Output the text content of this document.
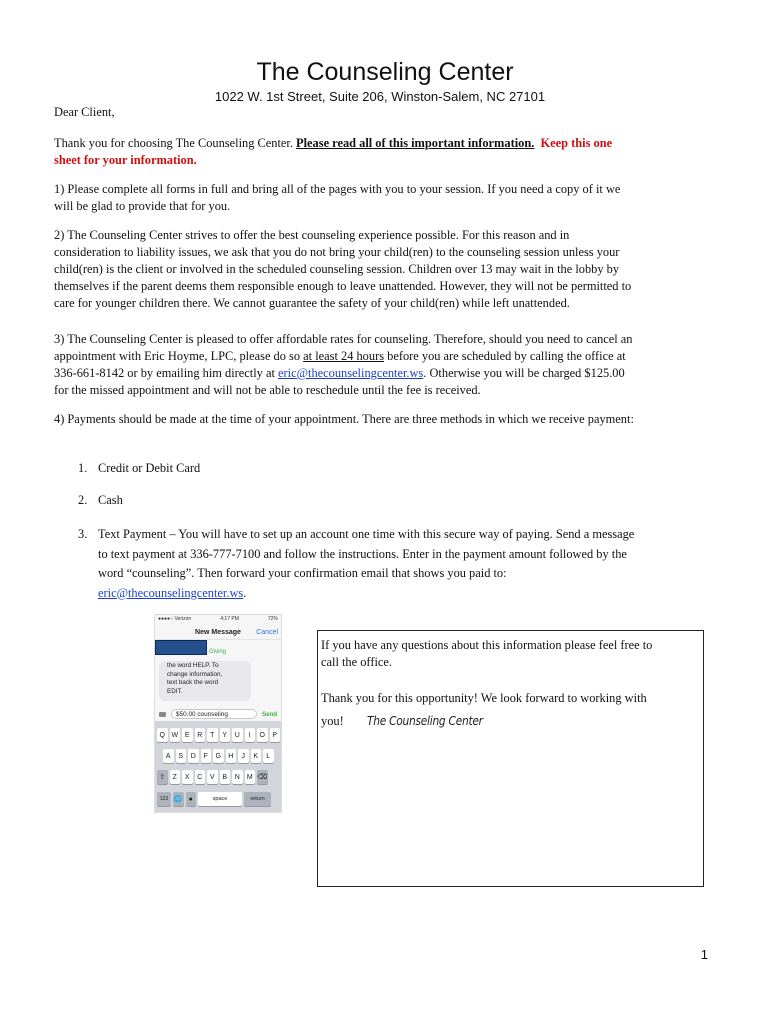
The Counseling Center
1022 W. 1st Street, Suite 206, Winston-Salem, NC 27101
Dear Client,
Thank you for choosing The Counseling Center. Please read all of this important information. Keep this one
sheet for your information.
1) Please complete all forms in full and bring all of the pages with you to your session. If you need a copy of it we
will be glad to provide that for you.
2) The Counseling Center strives to offer the best counseling experience possible. For this reason and in
consideration to liability issues, we ask that you do not bring your child(ren) to the counseling session unless your
child(ren) is the client or involved in the scheduled counseling session. Children over 13 may wait in the lobby by
themselves if the parent deems them responsible enough to leave unattended. However, they will not be permitted to
care for younger children there. We cannot guarantee the safety of your child(ren) while left unattended.
3) The Counseling Center is pleased to offer affordable rates for counseling. Therefore, should you need to cancel an
appointment with Eric Hoyme, LPC, please do so at least 24 hours before you are scheduled by calling the office at
336-661-8142 or by emailing him directly at eric@thecounselingcenter.ws. Otherwise you will be charged $125.00
for the missed appointment and will not be able to reschedule until the fee is received.
4) Payments should be made at the time of your appointment. There are three methods in which we receive payment:
1. Credit or Debit Card
2. Cash
3. Text Payment – You will have to set up an account one time with this secure way of paying. Send a message
to text payment at 336-777-7100 and follow the instructions. Enter in the payment amount followed by the
word “counseling”. Then forward your confirmation email that shows you paid to:
eric@thecounselingcenter.ws.
●●●●○ Verizon	4:17 PM	72%
New Message Cancel
Giving
the word HELP. To
change information,
text back the word
EDIT.
$50.00 counseling	Send
Q W E	R	T	Y	U	I	O	P
A	S	D	F	G	H	J	K	L
⇧	Z	X	C	V	B	N	M ⌫
123 🌐 ●	space	return
If you have any questions about this information please feel free to
call the office.
Thank you for this opportunity! We look forward to working with
you! The Counseling Center
1
